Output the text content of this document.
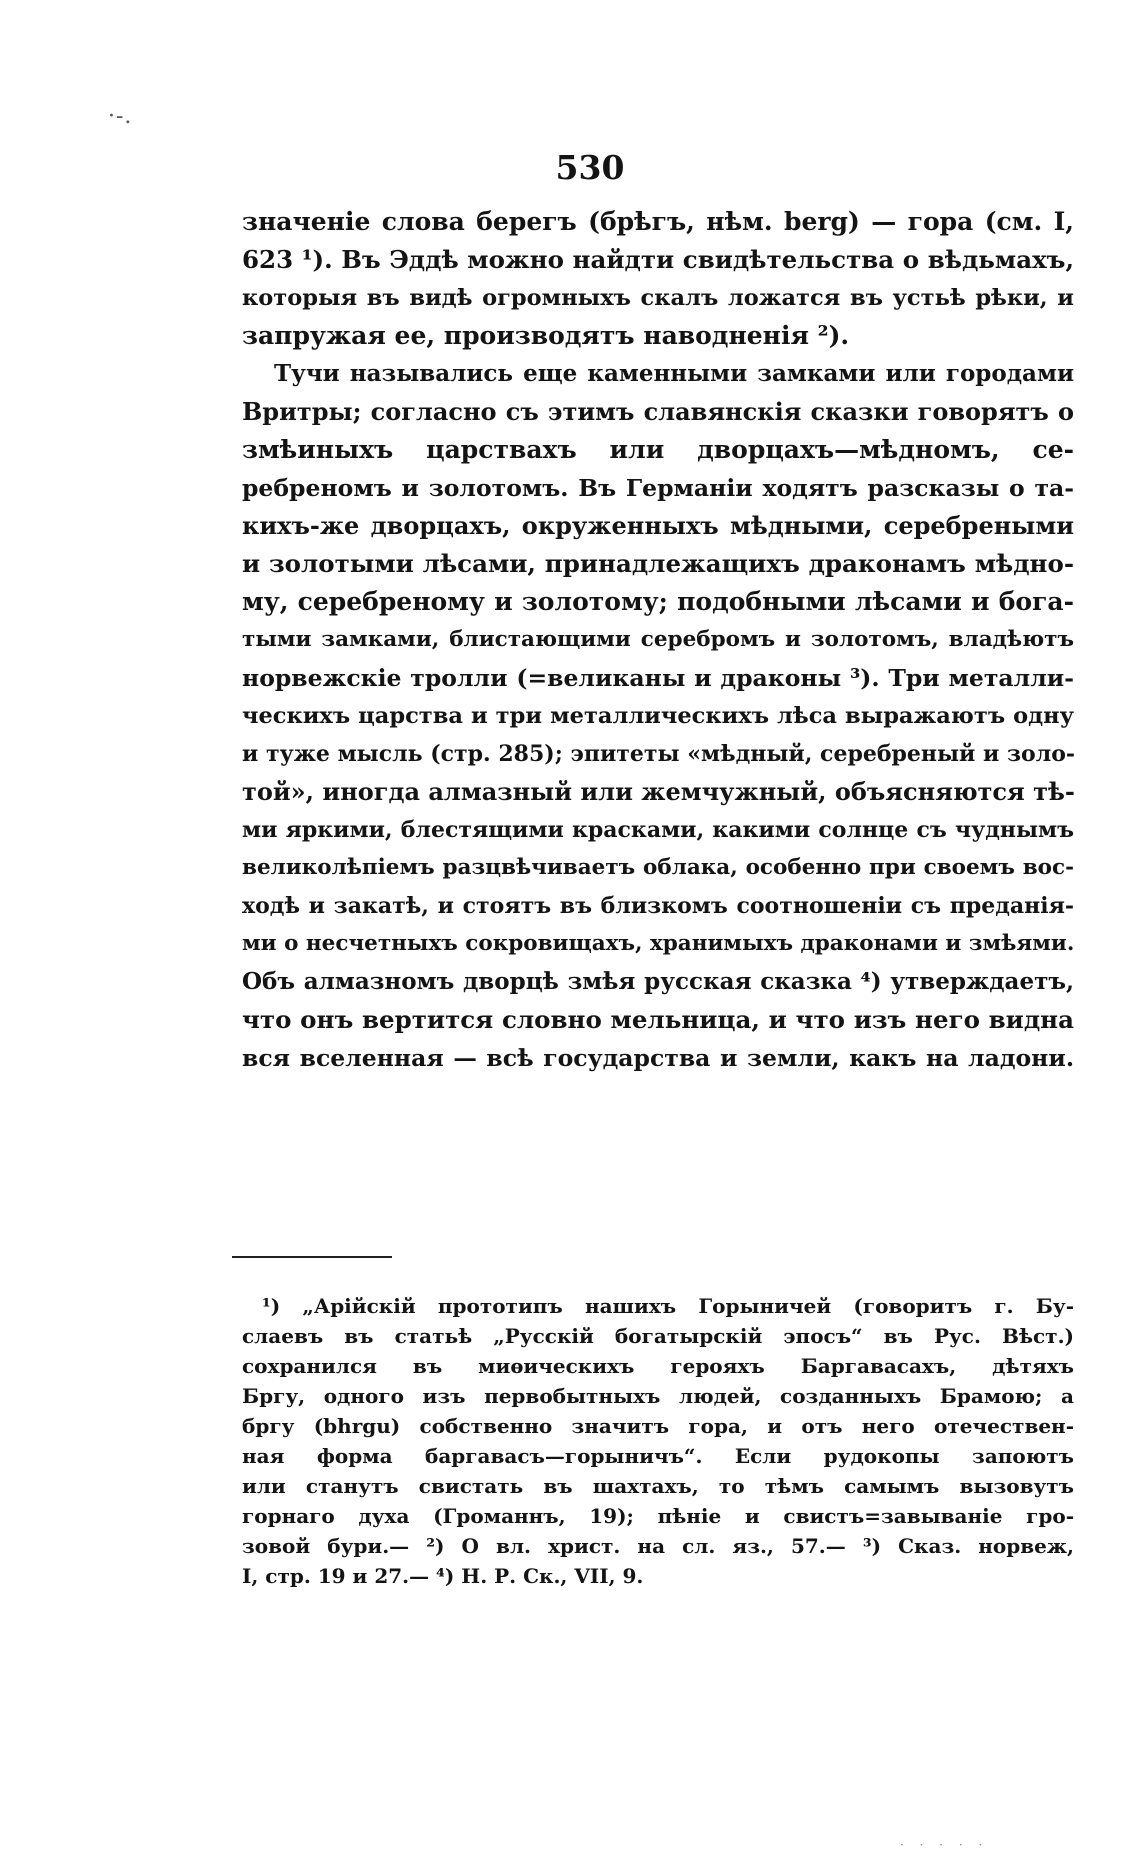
·-.
530
значеніе слова берегъ (брѣгъ, нѣм. berg) — гора (см. I,
623 ¹). Въ Эддѣ можно найдти свидѣтельства о вѣдьмахъ,
которыя въ видѣ огромныхъ скалъ ложатся въ устьѣ рѣки, и
запружая ее, производятъ наводненія ²).
Тучи назывались еще каменными замками или городами
Вритры; согласно съ этимъ славянскія сказки говорятъ о
змѣиныхъ царствахъ или дворцахъ—мѣдномъ, се-
ребреномъ и золотомъ. Въ Германіи ходятъ разсказы о та-
кихъ-же дворцахъ, окруженныхъ мѣдными, серебреными
и золотыми лѣсами, принадлежащихъ драконамъ мѣдно-
му, серебреному и золотому; подобными лѣсами и бога-
тыми замками, блистающими серебромъ и золотомъ, владѣютъ
норвежскіе тролли (=великаны и драконы ³). Три металли-
ческихъ царства и три металлическихъ лѣса выражаютъ одну
и туже мысль (стр. 285); эпитеты «мѣдный, серебреный и золо-
той», иногда алмазный или жемчужный, объясняются тѣ-
ми яркими, блестящими красками, какими солнце съ чуднымъ
великолѣпіемъ разцвѣчиваетъ облака, особенно при своемъ вос-
ходѣ и закатѣ, и стоятъ въ близкомъ соотношеніи съ преданія-
ми о несчетныхъ сокровищахъ, хранимыхъ драконами и змѣями.
Объ алмазномъ дворцѣ змѣя русская сказка ⁴) утверждаетъ,
что онъ вертится словно мельница, и что изъ него видна
вся вселенная — всѣ государства и земли, какъ на ладони.
¹) „Арійскій прототипъ нашихъ Горыничей (говоритъ г. Бу-
слаевъ въ статьѣ „Русскій богатырскій эпосъ“ въ Рус. Вѣст.)
сохранился въ миѳическихъ герояхъ Баргавасахъ, дѣтяхъ
Бргу, одного изъ первобытныхъ людей, созданныхъ Брамою; а
бргу (bhrgu) собственно значитъ гора, и отъ него отечествен-
ная форма баргавасъ—горыничъ“. Если рудокопы запоютъ
или станутъ свистать въ шахтахъ, то тѣмъ самымъ вызовутъ
горнаго духа (Громаннъ, 19); пѣніе и свистъ=завываніе гро-
зовой бури.— ²) О вл. христ. на сл. яз., 57.— ³) Сказ. норвеж,
I, стр. 19 и 27.— ⁴) Н. Р. Ск., VII, 9.
· · · · ·
